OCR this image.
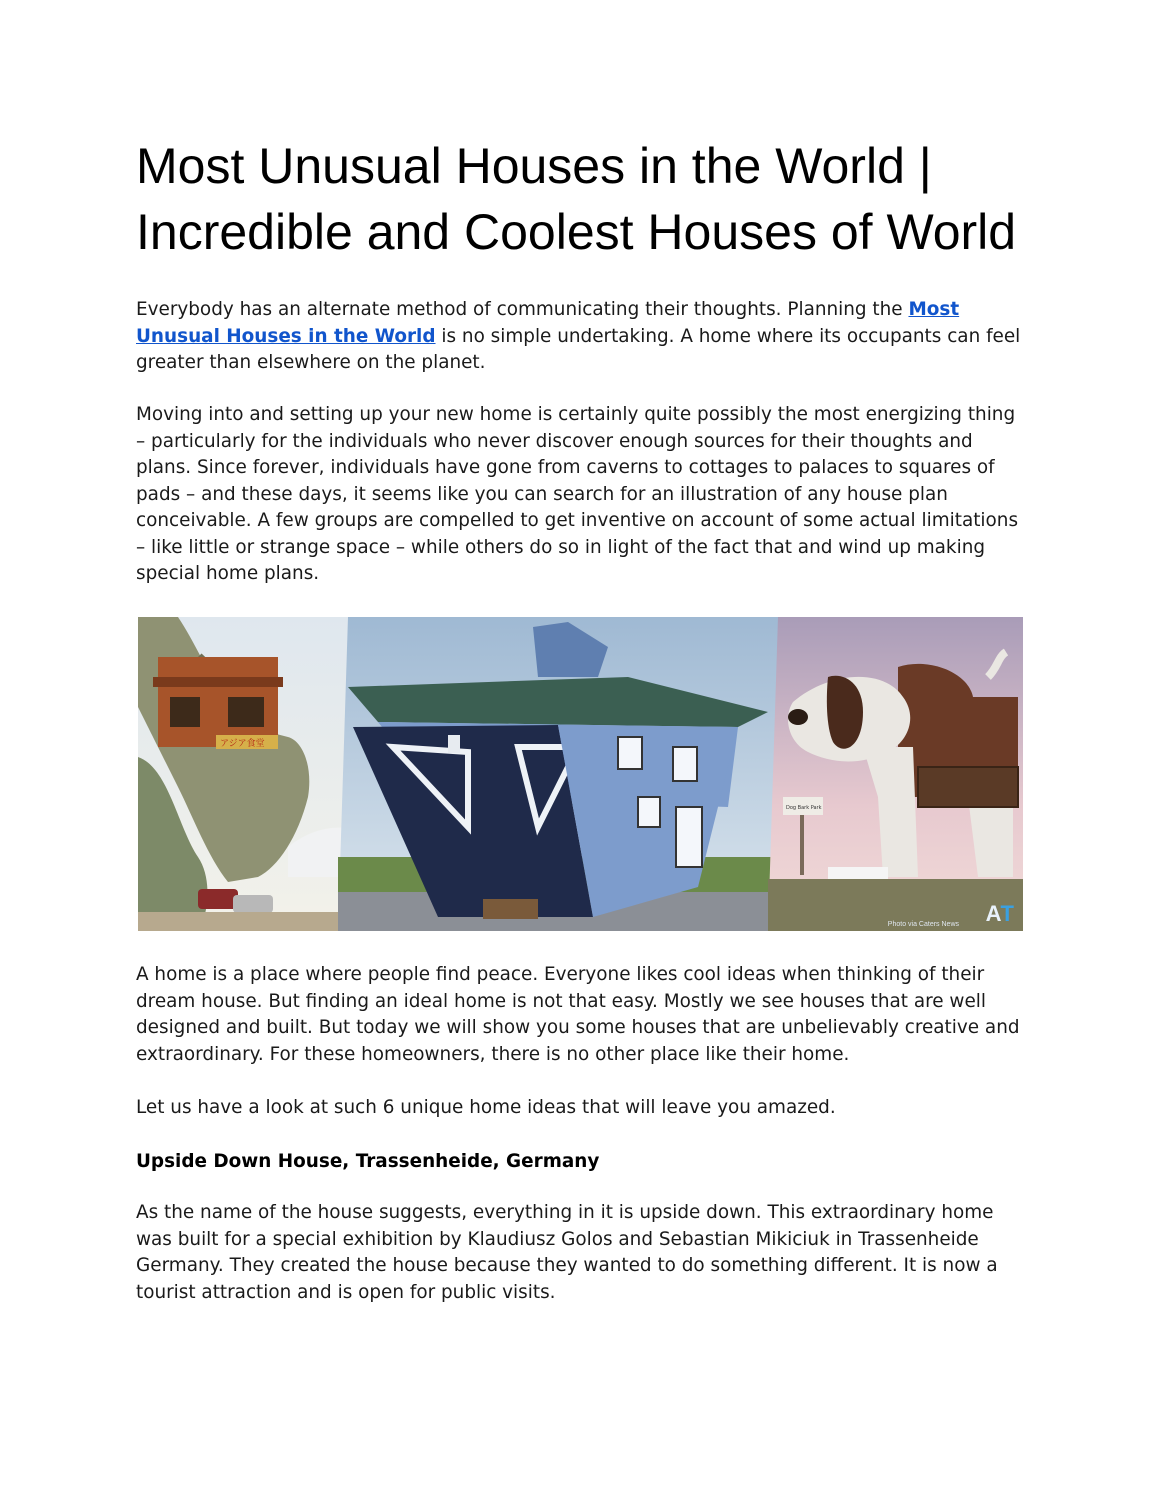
Most Unusual Houses in the World |
Incredible and Coolest Houses of World

Everybody has an alternate method of communicating their thoughts. Planning the Most Unusual Houses in the World is no simple undertaking. A home where its occupants can feel greater than elsewhere on the planet.

Moving into and setting up your new home is certainly quite possibly the most energizing thing – particularly for the individuals who never discover enough sources for their thoughts and plans. Since forever, individuals have gone from caverns to cottages to palaces to squares of pads – and these days, it seems like you can search for an illustration of any house plan conceivable. A few groups are compelled to get inventive on account of some actual limitations – like little or strange space – while others do so in light of the fact that and wind up making special home plans.

アジア食堂
Dog Bark Park
Photo via Caters News AT

A home is a place where people find peace. Everyone likes cool ideas when thinking of their dream house. But finding an ideal home is not that easy. Mostly we see houses that are well designed and built. But today we will show you some houses that are unbelievably creative and extraordinary. For these homeowners, there is no other place like their home.

Let us have a look at such 6 unique home ideas that will leave you amazed.

Upside Down House, Trassenheide, Germany

As the name of the house suggests, everything in it is upside down. This extraordinary home was built for a special exhibition by Klaudiusz Golos and Sebastian Mikiciuk in Trassenheide Germany. They created the house because they wanted to do something different. It is now a tourist attraction and is open for public visits.
